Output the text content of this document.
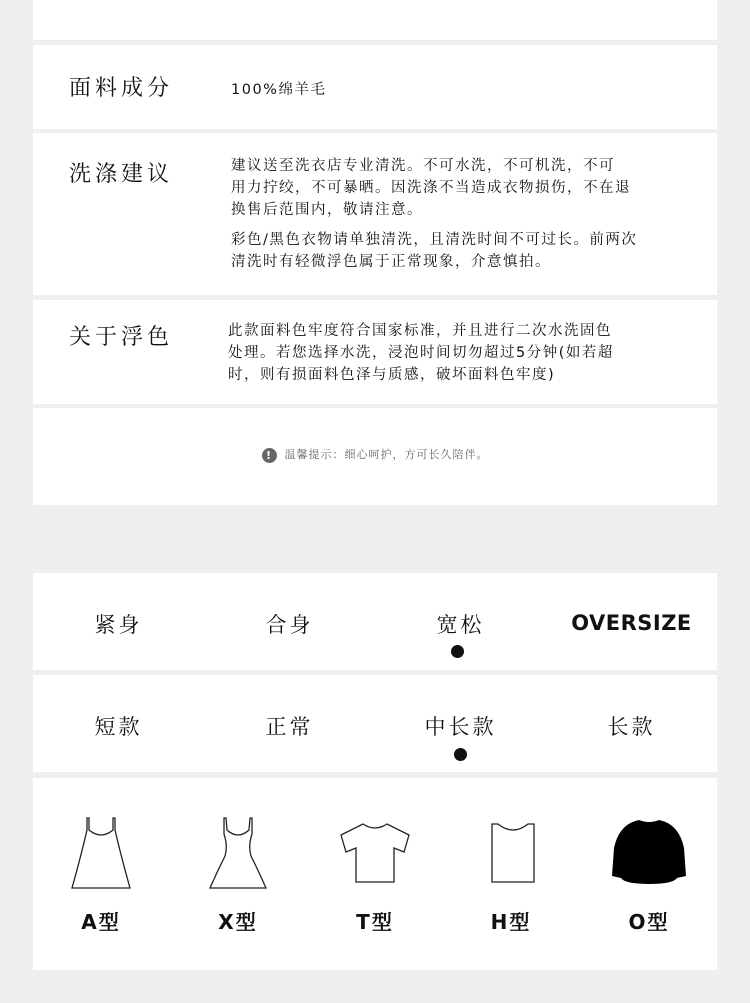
面料成分	100%绵羊毛
洗涤建议	建议送至洗衣店专业清洗。不可水洗，不可机洗，不可

用力拧绞，不可暴晒。因洗涤不当造成衣物损伤，不在退

换售后范围内，敬请注意。

彩色/黑色衣物请单独清洗，且清洗时间不可过长。前两次

清洗时有轻微浮色属于正常现象，介意慎拍。

关于浮色	此款面料色牢度符合国家标准，并且进行二次水洗固色

处理。若您选择水洗，浸泡时间切勿超过5分钟(如若超

时，则有损面料色泽与质感，破坏面料色牢度)

! 温馨提示：细心呵护，方可长久陪伴。
紧身	合身	宽松	OVERSIZE
短款	正常	中长款	长款
A型	X型	T型	H型	O型
